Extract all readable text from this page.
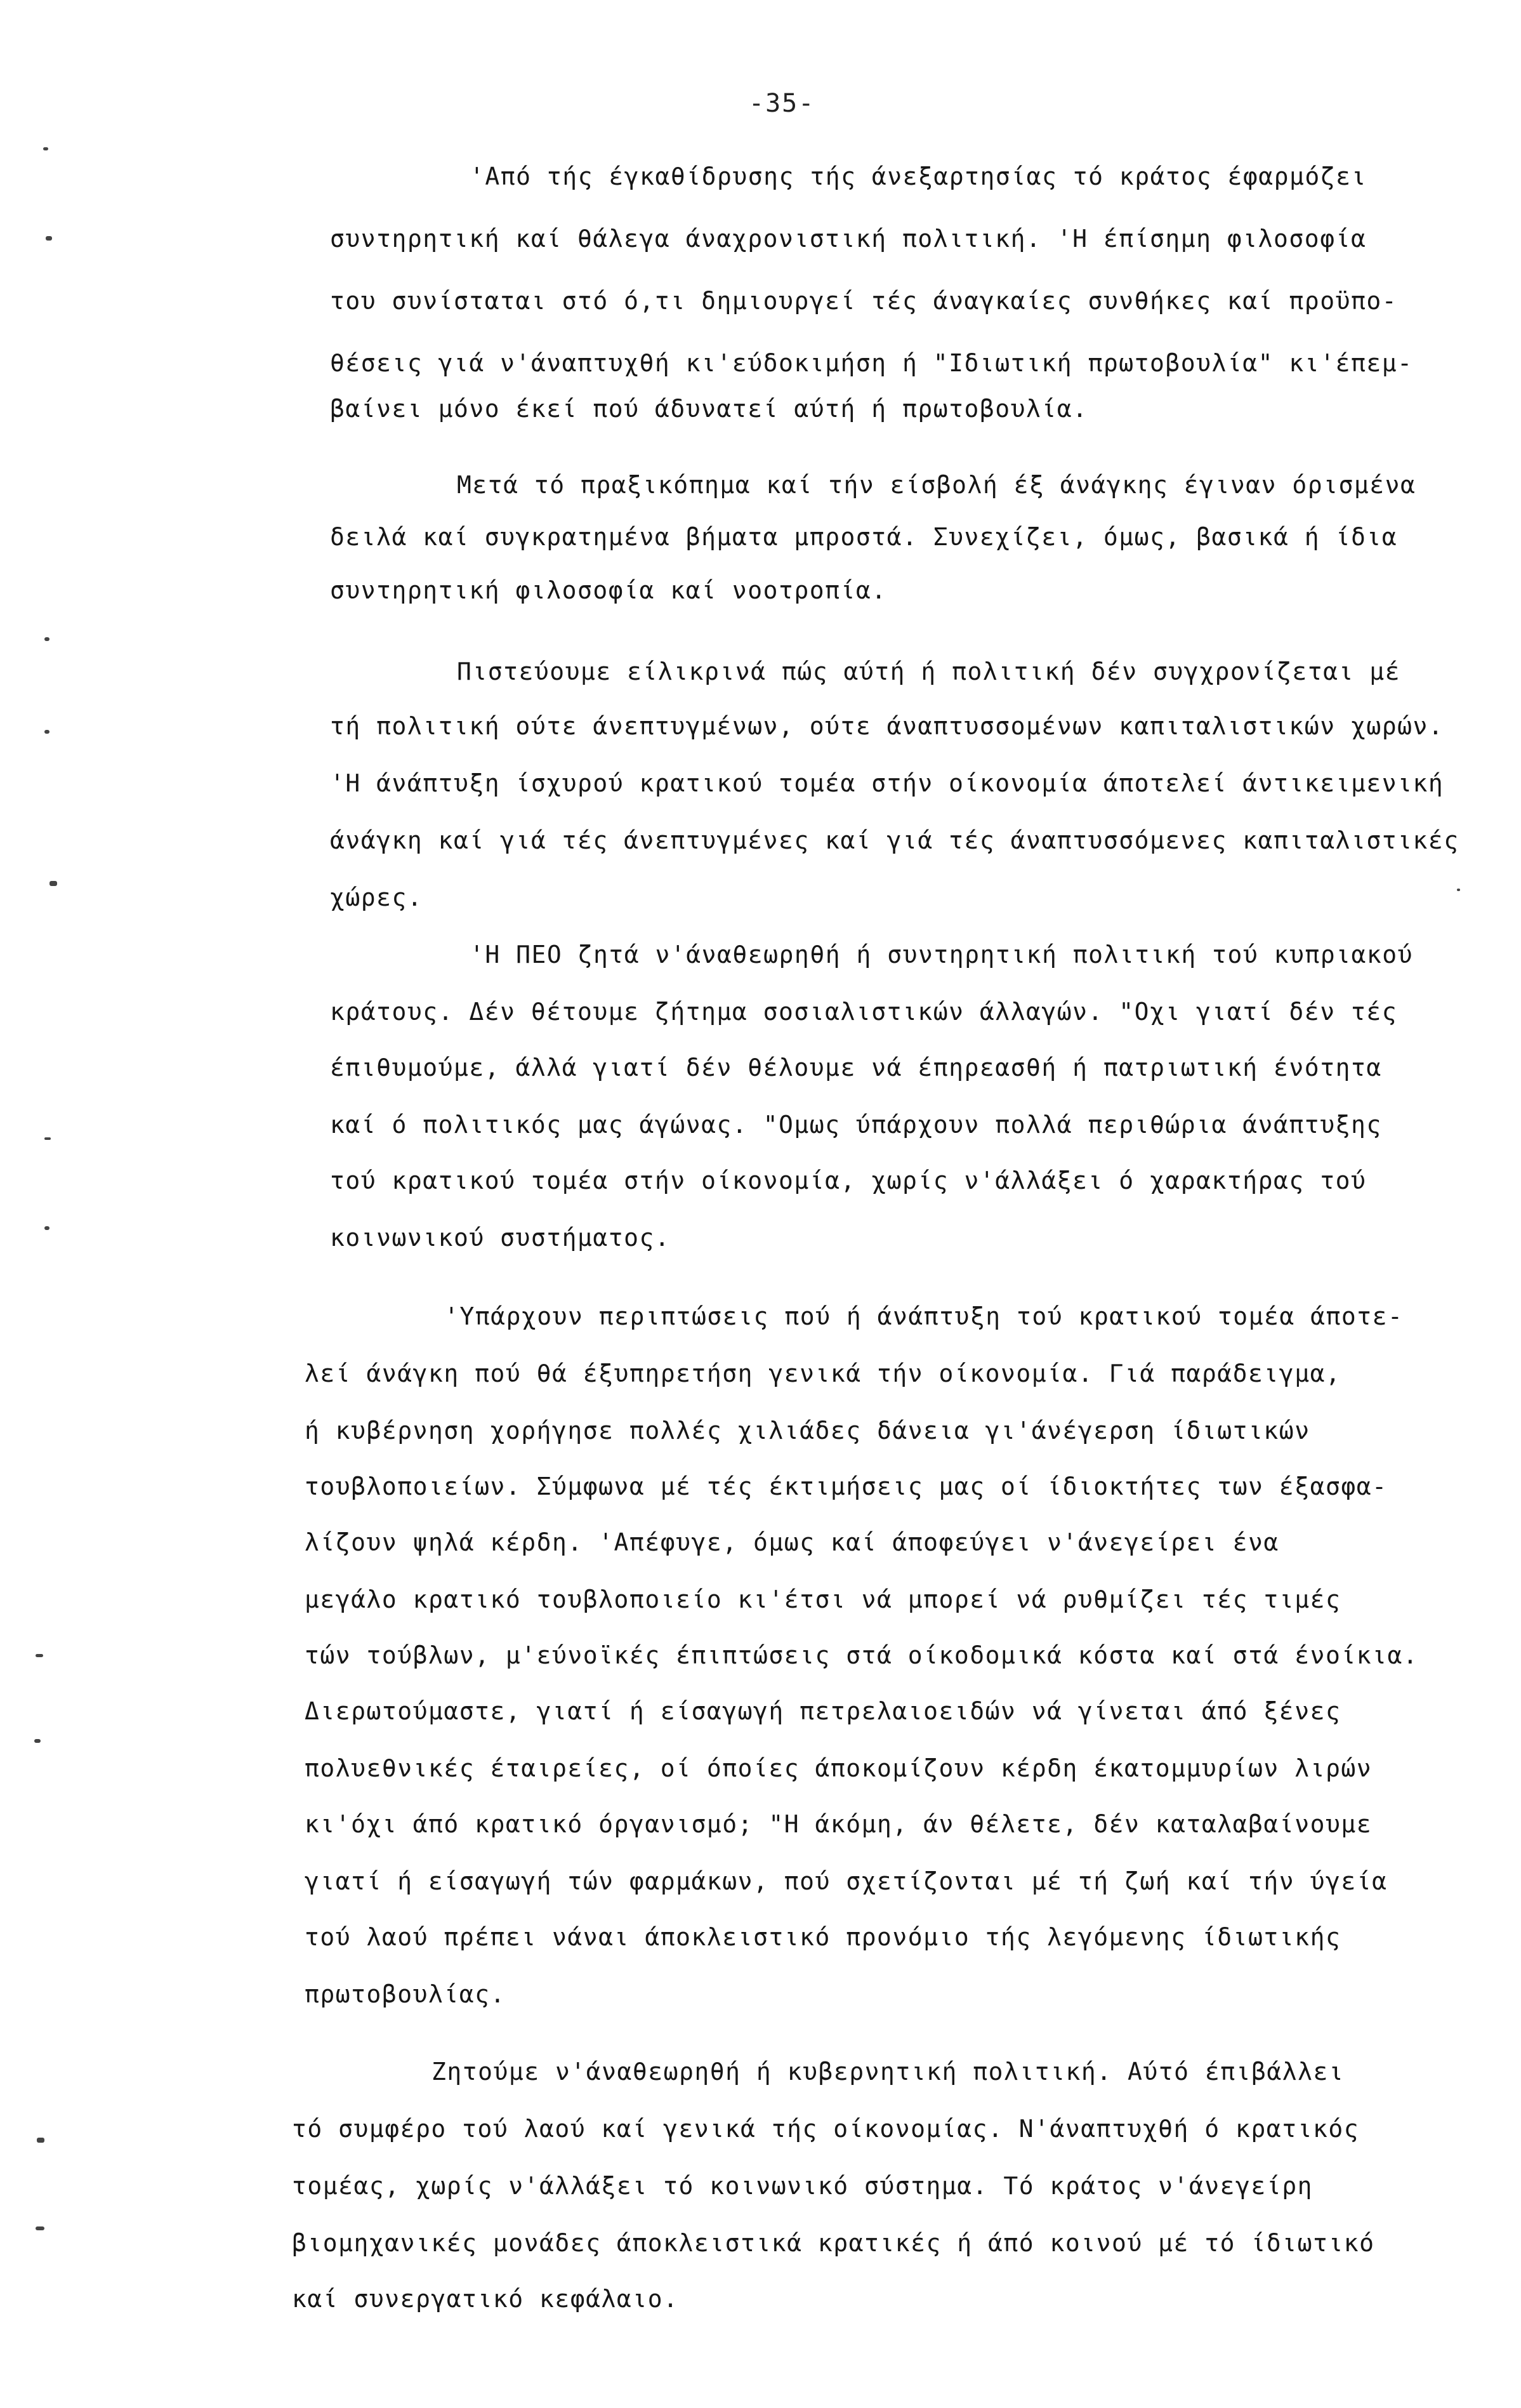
-35-
'Από τής έγκαθίδρυσης τής άνεξαρτησίας τό κράτος έφαρμόζει
συντηρητική καί θάλεγα άναχρονιστική πολιτική. 'Η έπίσημη φιλοσοφία
του συνίσταται στό ό,τι δημιουργεί τές άναγκαίες συνθήκες καί προϋπο-
θέσεις γιά ν'άναπτυχθή κι'εύδοκιμήση ή "Ιδιωτική πρωτοβουλία" κι'έπεμ-
βαίνει μόνο έκεί πού άδυνατεί αύτή ή πρωτοβουλία.
Μετά τό πραξικόπημα καί τήν είσβολή έξ άνάγκης έγιναν όρισμένα
δειλά καί συγκρατημένα βήματα μπροστά. Συνεχίζει, όμως, βασικά ή ίδια
συντηρητική φιλοσοφία καί νοοτροπία.
Πιστεύουμε είλικρινά πώς αύτή ή πολιτική δέν συγχρονίζεται μέ
τή πολιτική ούτε άνεπτυγμένων, ούτε άναπτυσσομένων καπιταλιστικών χωρών.
'Η άνάπτυξη ίσχυρού κρατικού τομέα στήν οίκονομία άποτελεί άντικειμενική
άνάγκη καί γιά τές άνεπτυγμένες καί γιά τές άναπτυσσόμενες καπιταλιστικές
χώρες.
'Η ΠΕΟ ζητά ν'άναθεωρηθή ή συντηρητική πολιτική τού κυπριακού
κράτους. Δέν θέτουμε ζήτημα σοσιαλιστικών άλλαγών. "Οχι γιατί δέν τές
έπιθυμούμε, άλλά γιατί δέν θέλουμε νά έπηρεασθή ή πατριωτική ένότητα
καί ό πολιτικός μας άγώνας. "Ομως ύπάρχουν πολλά περιθώρια άνάπτυξης
τού κρατικού τομέα στήν οίκονομία, χωρίς ν'άλλάξει ό χαρακτήρας τού
κοινωνικού συστήματος.
'Υπάρχουν περιπτώσεις πού ή άνάπτυξη τού κρατικού τομέα άποτε-
λεί άνάγκη πού θά έξυπηρετήση γενικά τήν οίκονομία. Γιά παράδειγμα,
ή κυβέρνηση χορήγησε πολλές χιλιάδες δάνεια γι'άνέγερση ίδιωτικών
τουβλοποιείων. Σύμφωνα μέ τές έκτιμήσεις μας οί ίδιοκτήτες των έξασφα-
λίζουν ψηλά κέρδη. 'Απέφυγε, όμως καί άποφεύγει ν'άνεγείρει ένα
μεγάλο κρατικό τουβλοποιείο κι'έτσι νά μπορεί νά ρυθμίζει τές τιμές
τών τούβλων, μ'εύνοϊκές έπιπτώσεις στά οίκοδομικά κόστα καί στά ένοίκια.
Διερωτούμαστε, γιατί ή είσαγωγή πετρελαιοειδών νά γίνεται άπό ξένες
πολυεθνικές έταιρείες, οί όποίες άποκομίζουν κέρδη έκατομμυρίων λιρών
κι'όχι άπό κρατικό όργανισμό; "Η άκόμη, άν θέλετε, δέν καταλαβαίνουμε
γιατί ή είσαγωγή τών φαρμάκων, πού σχετίζονται μέ τή ζωή καί τήν ύγεία
τού λαού πρέπει νάναι άποκλειστικό προνόμιο τής λεγόμενης ίδιωτικής
πρωτοβουλίας.
Ζητούμε ν'άναθεωρηθή ή κυβερνητική πολιτική. Αύτό έπιβάλλει
τό συμφέρο τού λαού καί γενικά τής οίκονομίας. Ν'άναπτυχθή ό κρατικός
τομέας, χωρίς ν'άλλάξει τό κοινωνικό σύστημα. Τό κράτος ν'άνεγείρη
βιομηχανικές μονάδες άποκλειστικά κρατικές ή άπό κοινού μέ τό ίδιωτικό
καί συνεργατικό κεφάλαιο.
